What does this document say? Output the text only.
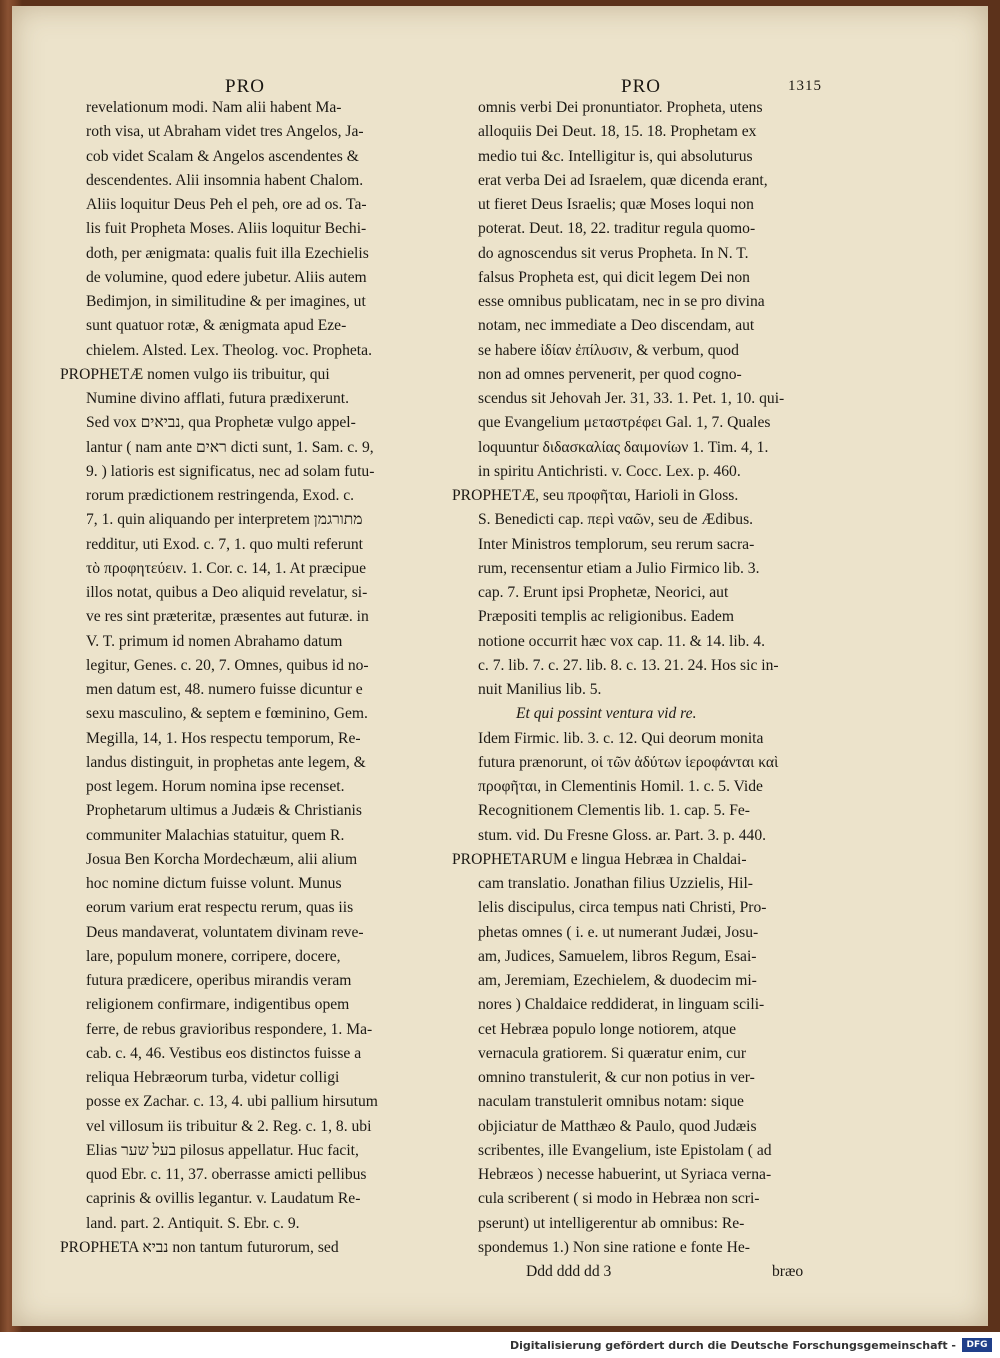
PRO	PRO	1315
revelationum modi. Nam alii habent Ma-
roth visa, ut Abraham videt tres Angelos, Ja-
cob videt Scalam & Angelos ascendentes &
descendentes. Alii insomnia habent Chalom.
Aliis loquitur Deus Peh el peh, ore ad os. Ta-
lis fuit Propheta Moses. Aliis loquitur Bechi-
doth, per ænigmata: qualis fuit illa Ezechielis
de volumine, quod edere jubetur. Aliis autem
Bedimjon, in similitudine & per imagines, ut
sunt quatuor rotæ, & ænigmata apud Eze-
chielem. Alsted. Lex. Theolog. voc. Propheta.
PROPHETÆ nomen vulgo iis tribuitur, qui
Numine divino afflati, futura prædixerunt.
Sed vox נביאים, qua Prophetæ vulgo appel-
lantur ( nam ante ראים dicti sunt, 1. Sam. c. 9,
9. ) latioris est significatus, nec ad solam futu-
rorum prædictionem restringenda, Exod. c.
7, 1. quin aliquando per interpretem מתורגמן
redditur, uti Exod. c. 7, 1. quo multi referunt
τὸ προφητεύειν. 1. Cor. c. 14, 1. At præcipue
illos notat, quibus a Deo aliquid revelatur, si-
ve res sint præteritæ, præsentes aut futuræ. in
V. T. primum id nomen Abrahamo datum
legitur, Genes. c. 20, 7. Omnes, quibus id no-
men datum est, 48. numero fuisse dicuntur e
sexu masculino, & septem e fœminino, Gem.
Megilla, 14, 1. Hos respectu temporum, Re-
landus distinguit, in prophetas ante legem, &
post legem. Horum nomina ipse recenset.
Prophetarum ultimus a Judæis & Christianis
communiter Malachias statuitur, quem R.
Josua Ben Korcha Mordechæum, alii alium
hoc nomine dictum fuisse volunt. Munus
eorum varium erat respectu rerum, quas iis
Deus mandaverat, voluntatem divinam reve-
lare, populum monere, corripere, docere,
futura prædicere, operibus mirandis veram
religionem confirmare, indigentibus opem
ferre, de rebus gravioribus respondere, 1. Ma-
cab. c. 4, 46. Vestibus eos distinctos fuisse a
reliqua Hebræorum turba, videtur colligi
posse ex Zachar. c. 13, 4. ubi pallium hirsutum
vel villosum iis tribuitur & 2. Reg. c. 1, 8. ubi
Elias בעל שער pilosus appellatur. Huc facit,
quod Ebr. c. 11, 37. oberrasse amicti pellibus
caprinis & ovillis legantur. v. Laudatum Re-
land. part. 2. Antiquit. S. Ebr. c. 9.
PROPHETA נביא non tantum futurorum, sed
omnis verbi Dei pronuntiator. Propheta, utens
alloquiis Dei Deut. 18, 15. 18. Prophetam ex
medio tui &c. Intelligitur is, qui absoluturus
erat verba Dei ad Israelem, quæ dicenda erant,
ut fieret Deus Israelis; quæ Moses loqui non
poterat. Deut. 18, 22. traditur regula quomo-
do agnoscendus sit verus Propheta. In N. T.
falsus Propheta est, qui dicit legem Dei non
esse omnibus publicatam, nec in se pro divina
notam, nec immediate a Deo discendam, aut
se habere ἰδίαν ἐπίλυσιν, & verbum, quod
non ad omnes pervenerit, per quod cogno-
scendus sit Jehovah Jer. 31, 33. 1. Pet. 1, 10. qui-
que Evangelium μεταστρέφει Gal. 1, 7. Quales
loquuntur διδασκαλίας δαιμονίων 1. Tim. 4, 1.
in spiritu Antichristi. v. Cocc. Lex. p. 460.
PROPHETÆ, seu προφῆται, Harioli in Gloss.
S. Benedicti cap. περὶ ναῶν, seu de Ædibus.
Inter Ministros templorum, seu rerum sacra-
rum, recensentur etiam a Julio Firmico lib. 3.
cap. 7. Erunt ipsi Prophetæ, Neorici, aut
Præpositi templis ac religionibus. Eadem
notione occurrit hæc vox cap. 11. & 14. lib. 4.
c. 7. lib. 7. c. 27. lib. 8. c. 13. 21. 24. Hos sic in-
nuit Manilius lib. 5.
Et qui possint ventura vid re.
Idem Firmic. lib. 3. c. 12. Qui deorum monita
futura prænorunt, οἱ τῶν ἀδύτων ἱεροφάνται καὶ
προφῆται, in Clementinis Homil. 1. c. 5. Vide
Recognitionem Clementis lib. 1. cap. 5. Fe-
stum. vid. Du Fresne Gloss. ar. Part. 3. p. 440.
PROPHETARUM e lingua Hebræa in Chaldai-
cam translatio. Jonathan filius Uzzielis, Hil-
lelis discipulus, circa tempus nati Christi, Pro-
phetas omnes ( i. e. ut numerant Judæi, Josu-
am, Judices, Samuelem, libros Regum, Esai-
am, Jeremiam, Ezechielem, & duodecim mi-
nores ) Chaldaice reddiderat, in linguam scili-
cet Hebræa populo longe notiorem, atque
vernacula gratiorem. Si quæratur enim, cur
omnino transtulerit, & cur non potius in ver-
naculam transtulerit omnibus notam: sique
objiciatur de Matthæo & Paulo, quod Judæis
scribentes, ille Evangelium, iste Epistolam ( ad
Hebræos ) necesse habuerint, ut Syriaca verna-
cula scriberent ( si modo in Hebræa non scri-
pserunt) ut intelligerentur ab omnibus: Re-
spondemus 1.) Non sine ratione e fonte He-
Ddd ddd dd 3	bræo
Digitalisierung gefördert durch die Deutsche Forschungsgemeinschaft -	DFG
